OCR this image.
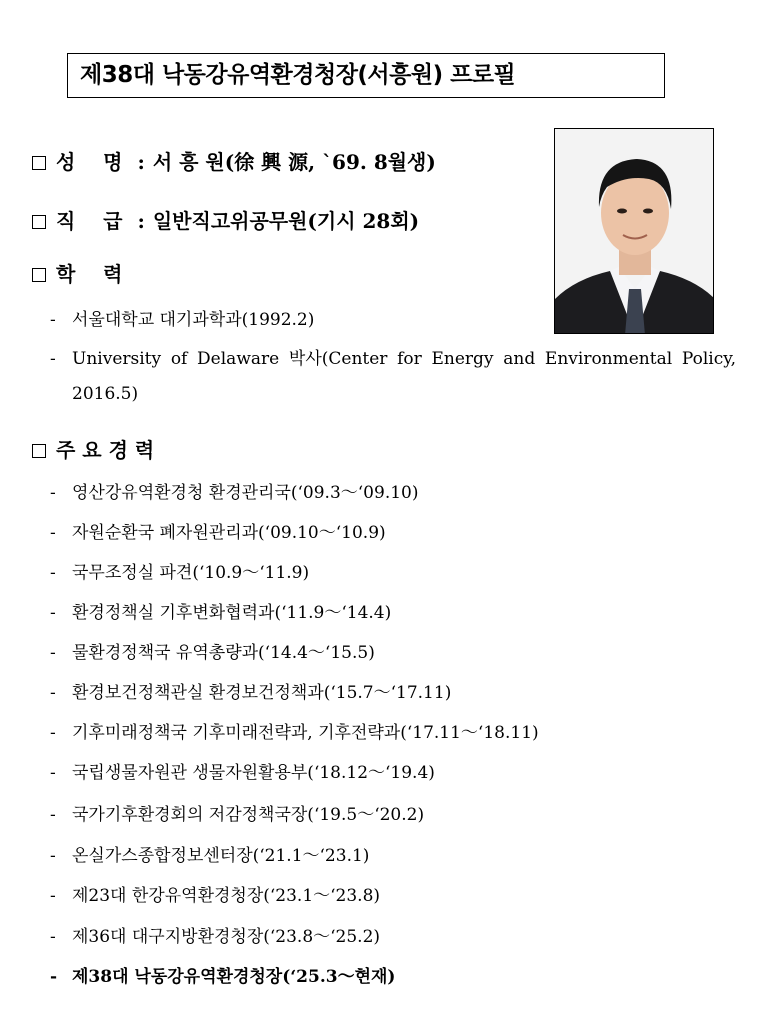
제38대 낙동강유역환경청장(서흥원) 프로필
성    명 : 서 흥 원(徐 興 源, `69. 8월생)
직    급 : 일반직고위공무원(기시 28회)
학    력
- 서울대학교 대기과학과(1992.2)
- University of Delaware 박사(Center for Energy and Environmental Policy, 2016.5)
주 요 경 력
- 영산강유역환경청 환경관리국(‘09.3～‘09.10)
- 자원순환국 폐자원관리과(‘09.10～‘10.9)
- 국무조정실 파견(‘10.9～‘11.9)
- 환경정책실 기후변화협력과(‘11.9～‘14.4)
- 물환경정책국 유역총량과(‘14.4～‘15.5)
- 환경보건정책관실 환경보건정책과(‘15.7～‘17.11)
- 기후미래정책국 기후미래전략과, 기후전략과(‘17.11～‘18.11)
- 국립생물자원관 생물자원활용부(‘18.12～‘19.4)
- 국가기후환경회의 저감정책국장(‘19.5～‘20.2)
- 온실가스종합정보센터장(‘21.1～‘23.1)
- 제23대 한강유역환경청장(‘23.1～‘23.8)
- 제36대 대구지방환경청장(‘23.8～‘25.2)
- 제38대 낙동강유역환경청장(‘25.3～현재)
